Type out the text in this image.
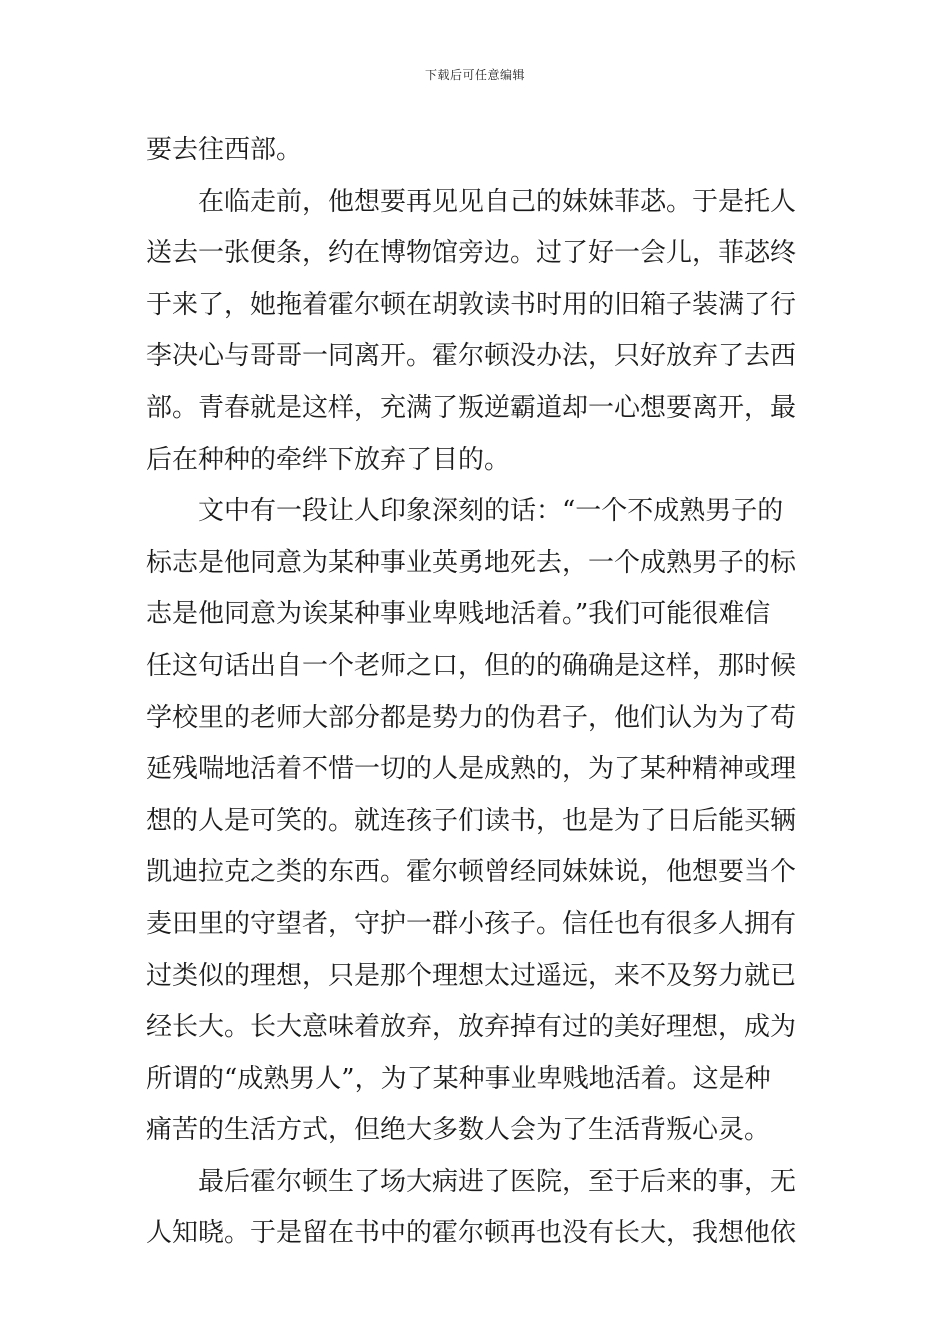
下载后可任意编辑
要去往西部。
在临走前，他想要再见见自己的妹妹菲苾。于是托人
送去一张便条，约在博物馆旁边。过了好一会儿，菲苾终
于来了，她拖着霍尔顿在胡敦读书时用的旧箱子装满了行
李决心与哥哥一同离开。霍尔顿没办法，只好放弃了去西
部。青春就是这样，充满了叛逆霸道却一心想要离开，最
后在种种的牵绊下放弃了目的。
文中有一段让人印象深刻的话：“一个不成熟男子的
标志是他同意为某种事业英勇地死去，一个成熟男子的标
志是他同意为诶某种事业卑贱地活着。”我们可能很难信
任这句话出自一个老师之口，但的的确确是这样，那时候
学校里的老师大部分都是势力的伪君子，他们认为为了苟
延残喘地活着不惜一切的人是成熟的，为了某种精神或理
想的人是可笑的。就连孩子们读书，也是为了日后能买辆
凯迪拉克之类的东西。霍尔顿曾经同妹妹说，他想要当个
麦田里的守望者，守护一群小孩子。信任也有很多人拥有
过类似的理想，只是那个理想太过遥远，来不及努力就已
经长大。长大意味着放弃，放弃掉有过的美好理想，成为
所谓的“成熟男人”，为了某种事业卑贱地活着。这是种
痛苦的生活方式，但绝大多数人会为了生活背叛心灵。
最后霍尔顿生了场大病进了医院，至于后来的事，无
人知晓。于是留在书中的霍尔顿再也没有长大，我想他依
